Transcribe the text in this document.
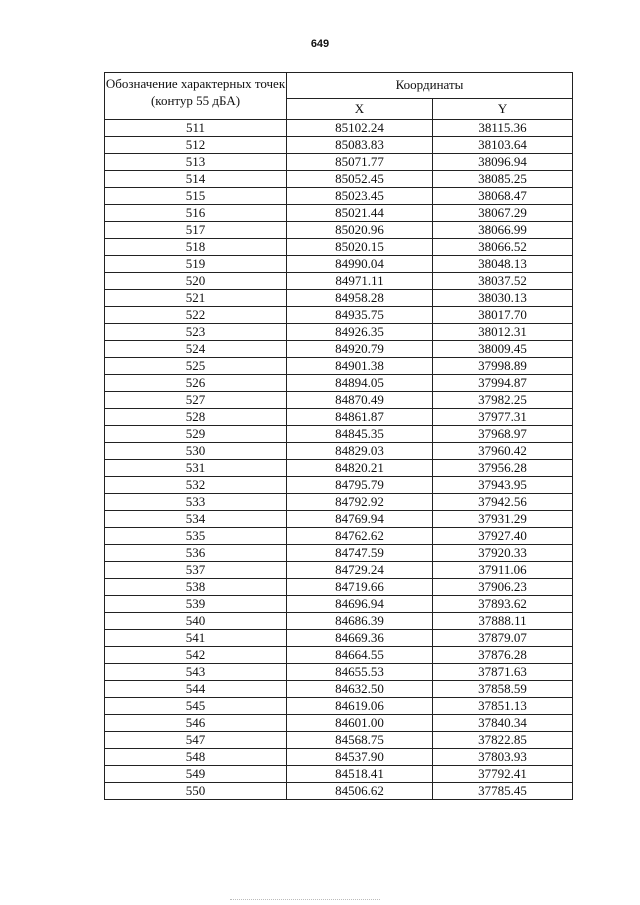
649
Обозначение характерных точек (контур 55 дБА)	Координаты	
	X	Y
511	85102.24	38115.36
512	85083.83	38103.64
513	85071.77	38096.94
514	85052.45	38085.25
515	85023.45	38068.47
516	85021.44	38067.29
517	85020.96	38066.99
518	85020.15	38066.52
519	84990.04	38048.13
520	84971.11	38037.52
521	84958.28	38030.13
522	84935.75	38017.70
523	84926.35	38012.31
524	84920.79	38009.45
525	84901.38	37998.89
526	84894.05	37994.87
527	84870.49	37982.25
528	84861.87	37977.31
529	84845.35	37968.97
530	84829.03	37960.42
531	84820.21	37956.28
532	84795.79	37943.95
533	84792.92	37942.56
534	84769.94	37931.29
535	84762.62	37927.40
536	84747.59	37920.33
537	84729.24	37911.06
538	84719.66	37906.23
539	84696.94	37893.62
540	84686.39	37888.11
541	84669.36	37879.07
542	84664.55	37876.28
543	84655.53	37871.63
544	84632.50	37858.59
545	84619.06	37851.13
546	84601.00	37840.34
547	84568.75	37822.85
548	84537.90	37803.93
549	84518.41	37792.41
550	84506.62	37785.45
